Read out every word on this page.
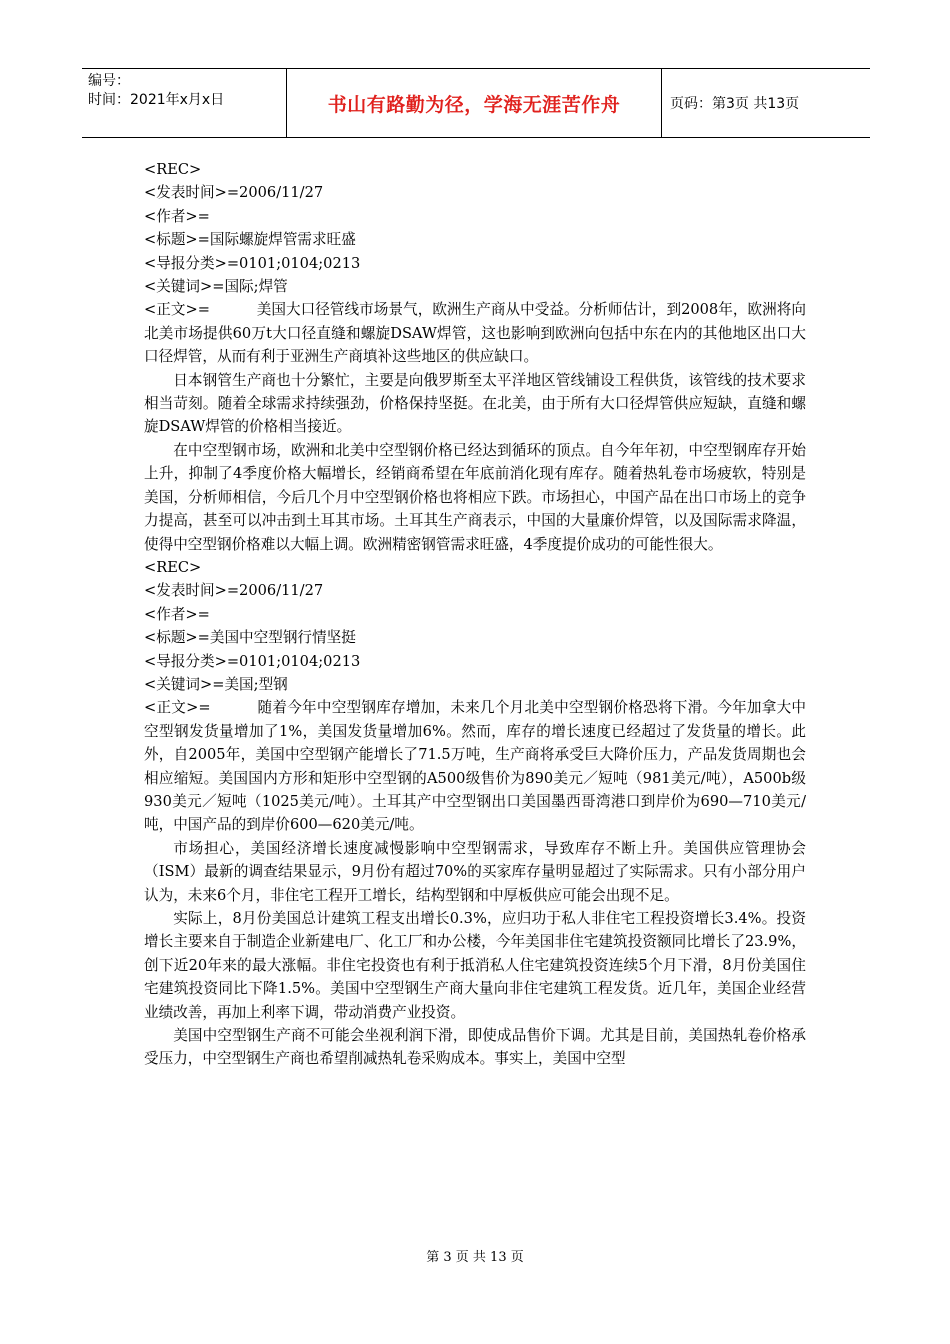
编号：
时间：2021年x月x日	书山有路勤为径，学海无涯苦作舟	页码：第3页 共13页
<REC>
<发表时间>=2006/11/27
<作者>=
<标题>=国际螺旋焊管需求旺盛
<导报分类>=0101;0104;0213
<关键词>=国际;焊管
<正文>=	美国大口径管线市场景气，欧洲生产商从中受益。分析师估计，到2008年，欧洲将向北美市场提供60万t大口径直缝和螺旋DSAW焊管，这也影响到欧洲向包括中东在内的其他地区出口大口径焊管，从而有利于亚洲生产商填补这些地区的供应缺口。
日本钢管生产商也十分繁忙，主要是向俄罗斯至太平洋地区管线铺设工程供货，该管线的技术要求相当苛刻。随着全球需求持续强劲，价格保持坚挺。在北美，由于所有大口径焊管供应短缺，直缝和螺旋DSAW焊管的价格相当接近。
在中空型钢市场，欧洲和北美中空型钢价格已经达到循环的顶点。自今年年初，中空型钢库存开始上升，抑制了4季度价格大幅增长，经销商希望在年底前消化现有库存。随着热轧卷市场疲软，特别是美国，分析师相信，今后几个月中空型钢价格也将相应下跌。市场担心，中国产品在出口市场上的竞争力提高，甚至可以冲击到土耳其市场。土耳其生产商表示，中国的大量廉价焊管，以及国际需求降温，使得中空型钢价格难以大幅上调。欧洲精密钢管需求旺盛，4季度提价成功的可能性很大。
<REC>
<发表时间>=2006/11/27
<作者>=
<标题>=美国中空型钢行情坚挺
<导报分类>=0101;0104;0213
<关键词>=美国;型钢
<正文>=	随着今年中空型钢库存增加，未来几个月北美中空型钢价格恐将下滑。今年加拿大中空型钢发货量增加了1%，美国发货量增加6%。然而，库存的增长速度已经超过了发货量的增长。此外，自2005年，美国中空型钢产能增长了71.5万吨，生产商将承受巨大降价压力，产品发货周期也会相应缩短。美国国内方形和矩形中空型钢的A500级售价为890美元／短吨（981美元/吨），A500b级930美元／短吨（1025美元/吨）。土耳其产中空型钢出口美国墨西哥湾港口到岸价为690—710美元/吨，中国产品的到岸价600—620美元/吨。
市场担心，美国经济增长速度减慢影响中空型钢需求，导致库存不断上升。美国供应管理协会（ISM）最新的调查结果显示，9月份有超过70%的买家库存量明显超过了实际需求。只有小部分用户认为，未来6个月，非住宅工程开工增长，结构型钢和中厚板供应可能会出现不足。
实际上，8月份美国总计建筑工程支出增长0.3%，应归功于私人非住宅工程投资增长3.4%。投资增长主要来自于制造企业新建电厂、化工厂和办公楼，今年美国非住宅建筑投资额同比增长了23.9%，创下近20年来的最大涨幅。非住宅投资也有利于抵消私人住宅建筑投资连续5个月下滑，8月份美国住宅建筑投资同比下降1.5%。美国中空型钢生产商大量向非住宅建筑工程发货。近几年，美国企业经营业绩改善，再加上利率下调，带动消费产业投资。
美国中空型钢生产商不可能会坐视利润下滑，即使成品售价下调。尤其是目前，美国热轧卷价格承受压力，中空型钢生产商也希望削减热轧卷采购成本。事实上，美国中空型
第 3 页 共 13 页
